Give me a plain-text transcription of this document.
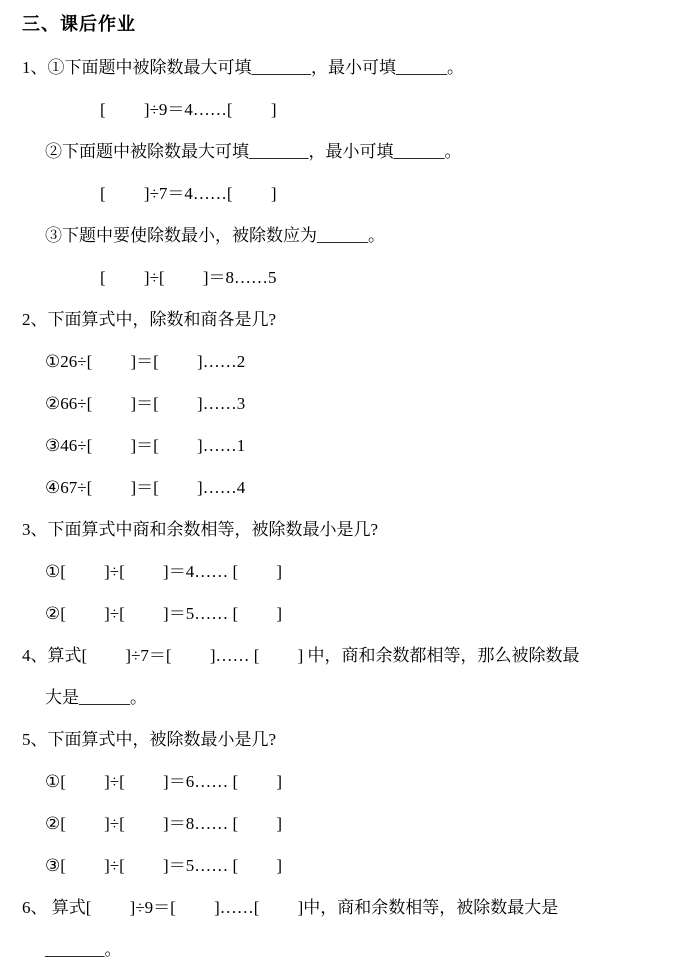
三、课后作业
1、①下面题中被除数最大可填_______，最小可填______。
[　　 ]÷9＝4……[　　 ]
②下面题中被除数最大可填_______，最小可填______。
[　　 ]÷7＝4……[　　 ]
③下题中要使除数最小，被除数应为______。
[　　 ]÷[　　 ]＝8……5
2、下面算式中，除数和商各是几?
①26÷[　　 ]＝[　　 ]……2
②66÷[　　 ]＝[　　 ]……3
③46÷[　　 ]＝[　　 ]……1
④67÷[　　 ]＝[　　 ]……4
3、下面算式中商和余数相等，被除数最小是几?
①[　　 ]÷[　　 ]＝4…… [　　 ]
②[　　 ]÷[　　 ]＝5…… [　　 ]
4、算式[　　 ]÷7＝[　　 ]…… [　　 ] 中，商和余数都相等，那么被除数最
大是______。
5、下面算式中，被除数最小是几?
①[　　 ]÷[　　 ]＝6…… [　　 ]
②[　　 ]÷[　　 ]＝8…… [　　 ]
③[　　 ]÷[　　 ]＝5…… [　　 ]
6、 算式[　　 ]÷9＝[　　 ]……[　　 ]中，商和余数相等，被除数最大是
_______。
